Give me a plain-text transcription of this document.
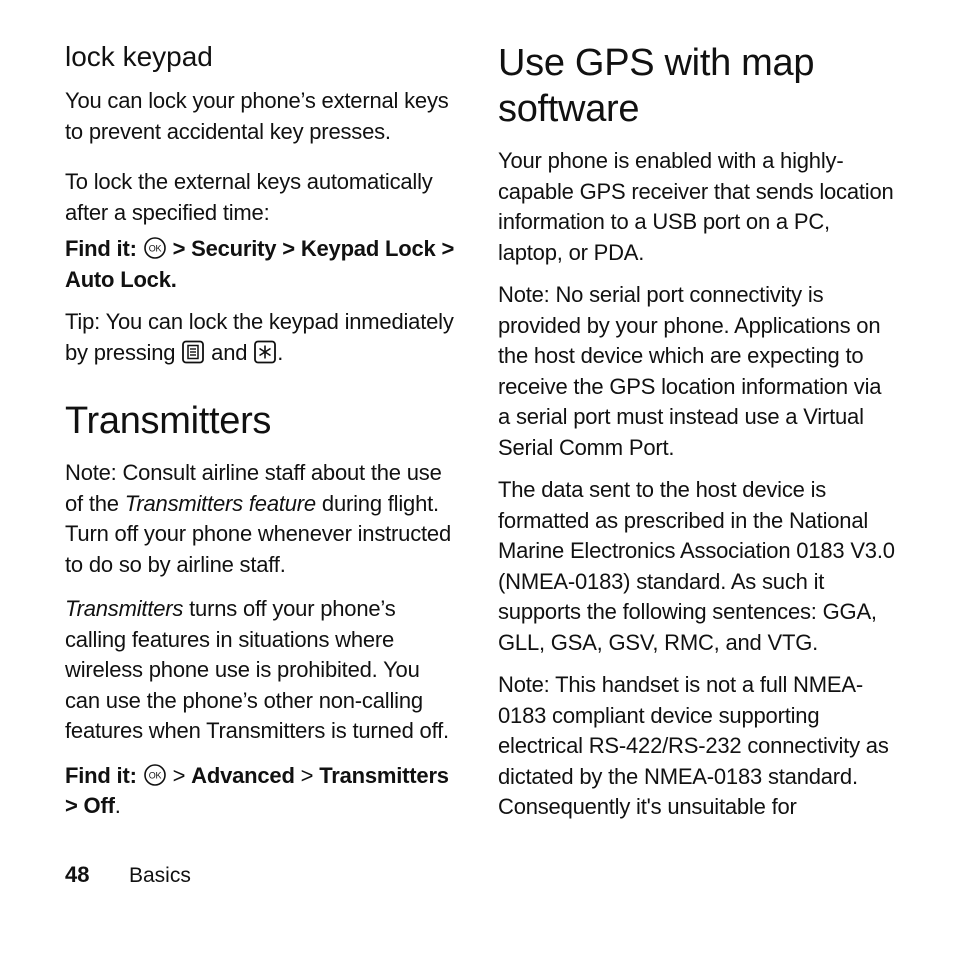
lock keypad

You can lock your phone’s external keys to prevent accidental key presses.

To lock the external keys automatically after a specified time:

Find it: OK > Security > Keypad Lock > Auto Lock.

Tip: You can lock the keypad inmediately by pressing and .

Transmitters

Note: Consult airline staff about the use of the Transmitters feature during flight. Turn off your phone whenever instructed to do so by airline staff.

Transmitters turns off your phone’s calling features in situations where wireless phone use is prohibited. You can use the phone’s other non-calling features when Transmitters is turned off.

Find it: OK > Advanced > Transmitters > Off.

Use GPS with map software

Your phone is enabled with a highly-capable GPS receiver that sends location information to a USB port on a PC, laptop, or PDA.

Note: No serial port connectivity is provided by your phone. Applications on the host device which are expecting to receive the GPS location information via a serial port must instead use a Virtual Serial Comm Port.

The data sent to the host device is formatted as prescribed in the National Marine Electronics Association 0183 V3.0 (NMEA-0183) standard. As such it supports the following sentences: GGA, GLL, GSA, GSV, RMC, and VTG.

Note: This handset is not a full NMEA-0183 compliant device supporting electrical RS-422/RS-232 connectivity as dictated by the NMEA-0183 standard. Consequently it's unsuitable for

48 Basics
